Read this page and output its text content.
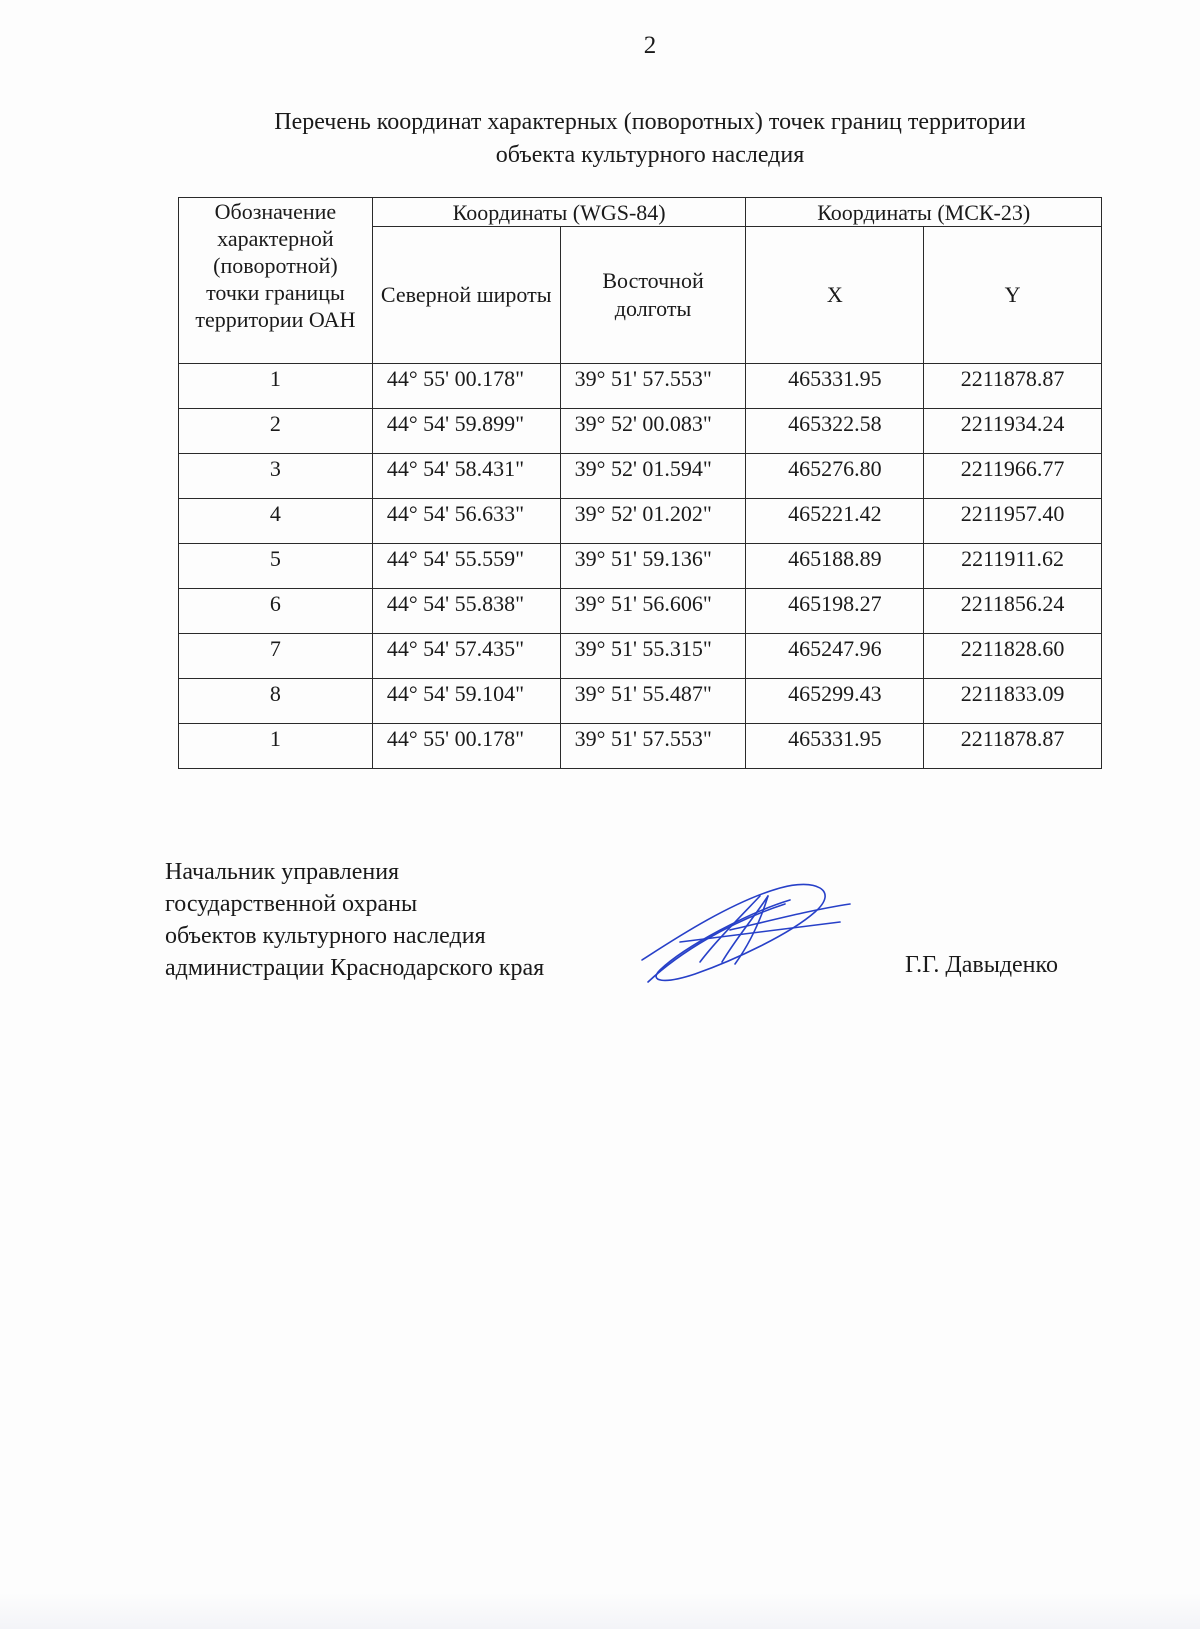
2
Перечень координат характерных (поворотных) точек границ территории
объекта культурного наследия
Обозначение характерной (поворотной) точки границы территории ОАН	Координаты (WGS-84)		Координаты (МСК-23)	
	Северной широты	Восточной долготы	X	Y
1	44° 55' 00.178"	39° 51' 57.553"	465331.95	2211878.87
2	44° 54' 59.899"	39° 52' 00.083"	465322.58	2211934.24
3	44° 54' 58.431"	39° 52' 01.594"	465276.80	2211966.77
4	44° 54' 56.633"	39° 52' 01.202"	465221.42	2211957.40
5	44° 54' 55.559"	39° 51' 59.136"	465188.89	2211911.62
6	44° 54' 55.838"	39° 51' 56.606"	465198.27	2211856.24
7	44° 54' 57.435"	39° 51' 55.315"	465247.96	2211828.60
8	44° 54' 59.104"	39° 51' 55.487"	465299.43	2211833.09
1	44° 55' 00.178"	39° 51' 57.553"	465331.95	2211878.87
Начальник управления
государственной охраны
объектов культурного наследия
администрации Краснодарского края	Г.Г. Давыденко
